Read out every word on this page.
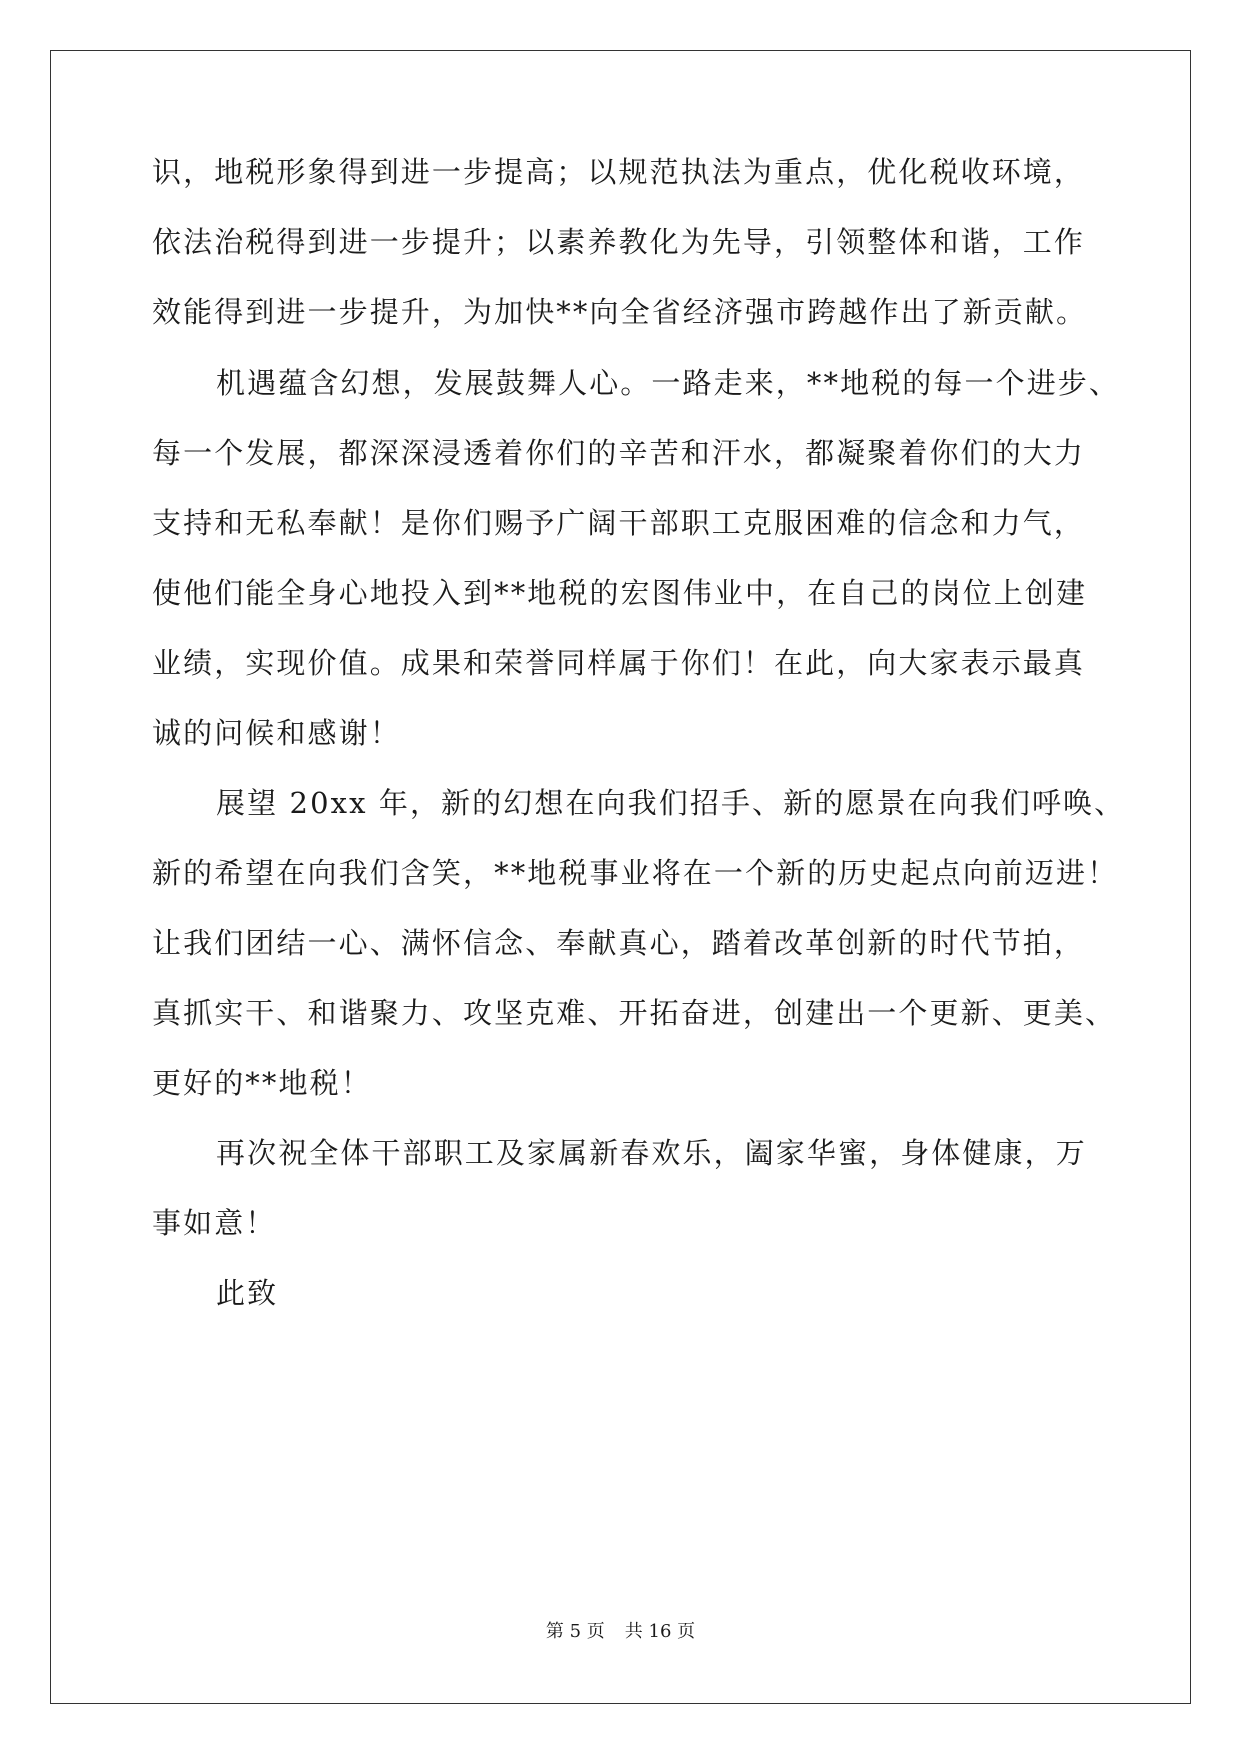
识，地税形象得到进一步提高；以规范执法为重点，优化税收环境，
依法治税得到进一步提升；以素养教化为先导，引领整体和谐，工作
效能得到进一步提升，为加快**向全省经济强市跨越作出了新贡献。
机遇蕴含幻想，发展鼓舞人心。一路走来，**地税的每一个进步、
每一个发展，都深深浸透着你们的辛苦和汗水，都凝聚着你们的大力
支持和无私奉献！是你们赐予广阔干部职工克服困难的信念和力气，
使他们能全身心地投入到**地税的宏图伟业中，在自己的岗位上创建
业绩，实现价值。成果和荣誉同样属于你们！在此，向大家表示最真
诚的问候和感谢！
展望 20xx 年，新的幻想在向我们招手、新的愿景在向我们呼唤、
新的希望在向我们含笑，**地税事业将在一个新的历史起点向前迈进！
让我们团结一心、满怀信念、奉献真心，踏着改革创新的时代节拍，
真抓实干、和谐聚力、攻坚克难、开拓奋进，创建出一个更新、更美、
更好的**地税！
再次祝全体干部职工及家属新春欢乐，阖家华蜜，身体健康，万
事如意！
此致
第 5 页 共 16 页
